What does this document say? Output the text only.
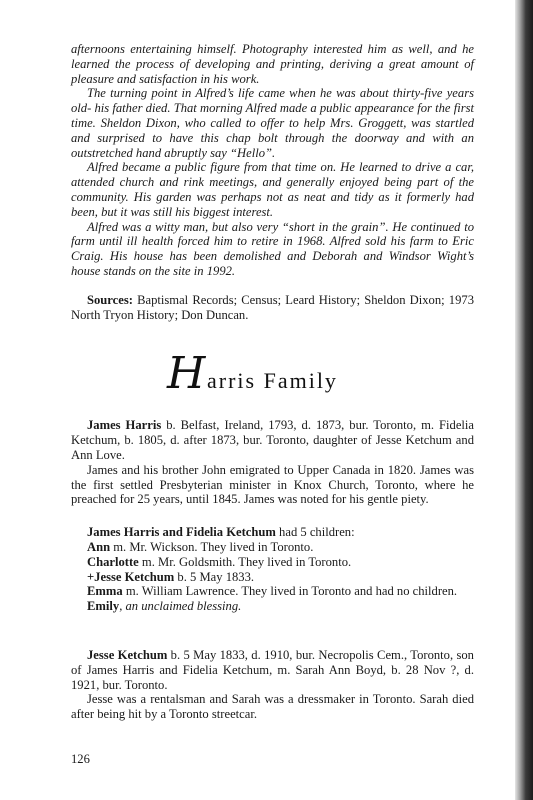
afternoons entertaining himself. Photography interested him as well, and he learned the process of developing and printing, deriving a great amount of pleasure and satisfaction in his work.

The turning point in Alfred’s life came when he was about thirty-five years old- his father died. That morning Alfred made a public appearance for the first time. Sheldon Dixon, who called to offer to help Mrs. Groggett, was startled and surprised to have this chap bolt through the doorway and with an outstretched hand abruptly say “Hello”.

Alfred became a public figure from that time on. He learned to drive a car, attended church and rink meetings, and generally enjoyed being part of the community. His garden was perhaps not as neat and tidy as it formerly had been, but it was still his biggest interest.

Alfred was a witty man, but also very “short in the grain”. He continued to farm until ill health forced him to retire in 1968. Alfred sold his farm to Eric Craig. His house has been demolished and Deborah and Windsor Wight’s house stands on the site in 1992.

Sources: Baptismal Records; Census; Leard History; Sheldon Dixon; 1973 North Tryon History; Don Duncan.

H arris Family

James Harris b. Belfast, Ireland, 1793, d. 1873, bur. Toronto, m. Fidelia Ketchum, b. 1805, d. after 1873, bur. Toronto, daughter of Jesse Ketchum and Ann Love.

James and his brother John emigrated to Upper Canada in 1820. James was the first settled Presbyterian minister in Knox Church, Toronto, where he preached for 25 years, until 1845. James was noted for his gentle piety.

James Harris and Fidelia Ketchum had 5 children:

Ann m. Mr. Wickson. They lived in Toronto.

Charlotte m. Mr. Goldsmith. They lived in Toronto.

+Jesse Ketchum b. 5 May 1833.

Emma m. William Lawrence. They lived in Toronto and had no children.

Emily, an unclaimed blessing.

Jesse Ketchum b. 5 May 1833, d. 1910, bur. Necropolis Cem., Toronto, son of James Harris and Fidelia Ketchum, m. Sarah Ann Boyd, b. 28 Nov ?, d. 1921, bur. Toronto.

Jesse was a rentalsman and Sarah was a dressmaker in Toronto. Sarah died after being hit by a Toronto streetcar.

126
